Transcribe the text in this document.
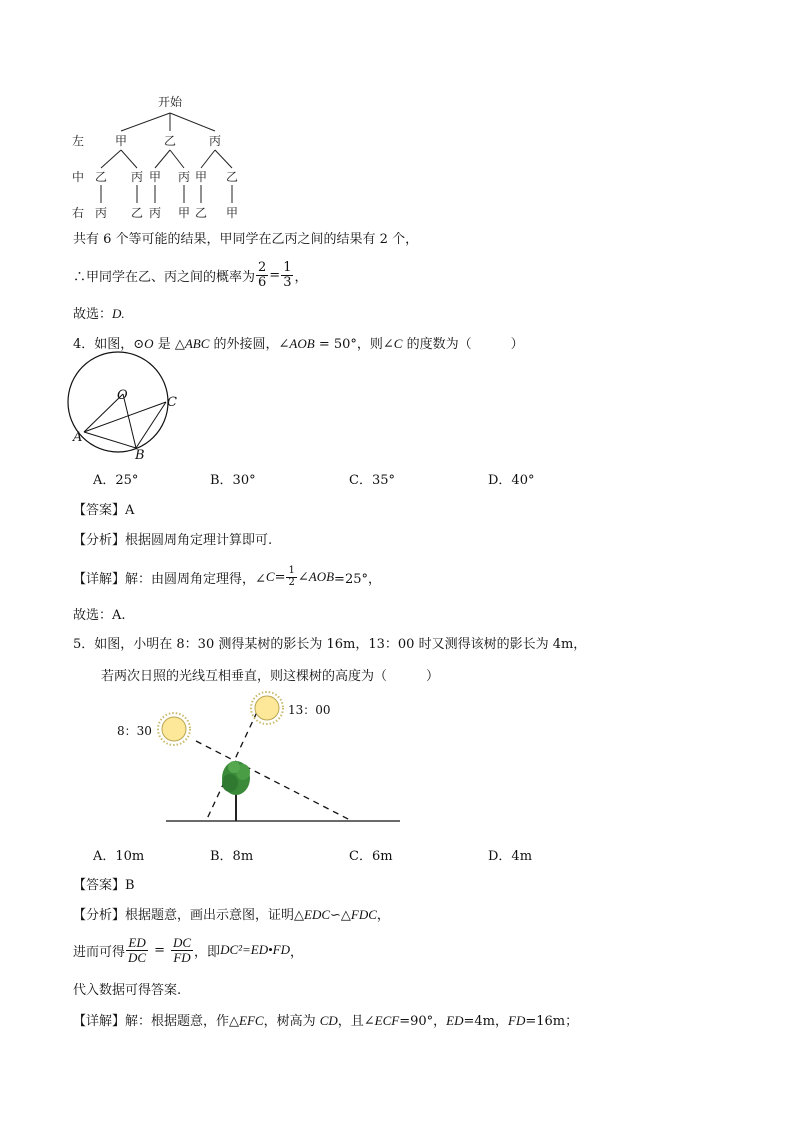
开始
左
中
右
甲	乙	丙
乙 丙 甲 丙 甲 乙
丙 乙 丙 甲 乙 甲
共有 6 个等可能的结果，甲同学在乙丙之间的结果有 2 个，
∴甲同学在乙、丙之间的概率为 $\frac{2}{6} = \frac{1}{3}$ ，
故选：D.
4．如图，⊙O 是 △ABC 的外接圆，∠AOB = 50°，则∠C 的度数为（　　　）
O	C
A
B
A．25°	B．30°	C．35°	D．40°
【答案】A
【分析】根据圆周角定理计算即可.
【详解】解：由圆周角定理得，∠ $C = \frac{1}{2}$ ∠ AOB =25°，
故选：A.
5．如图，小明在 8：30 测得某树的影长为 16m，13：00 时又测得该树的影长为 4m，
若两次日照的光线互相垂直，则这棵树的高度为（　　　）
8：30
13：00
A．10m	B．8m	C．6m	D．4m
【答案】B
【分析】根据题意，画出示意图，证明△EDC∽△FDC，
进而可得 $\frac{ED}{DC} = \frac{DC}{FD}$ ，即 DC²=ED•FD ，
代入数据可得答案.
【详解】解：根据题意，作△EFC，树高为 CD，且∠ECF=90°，ED=4m，FD=16m；
